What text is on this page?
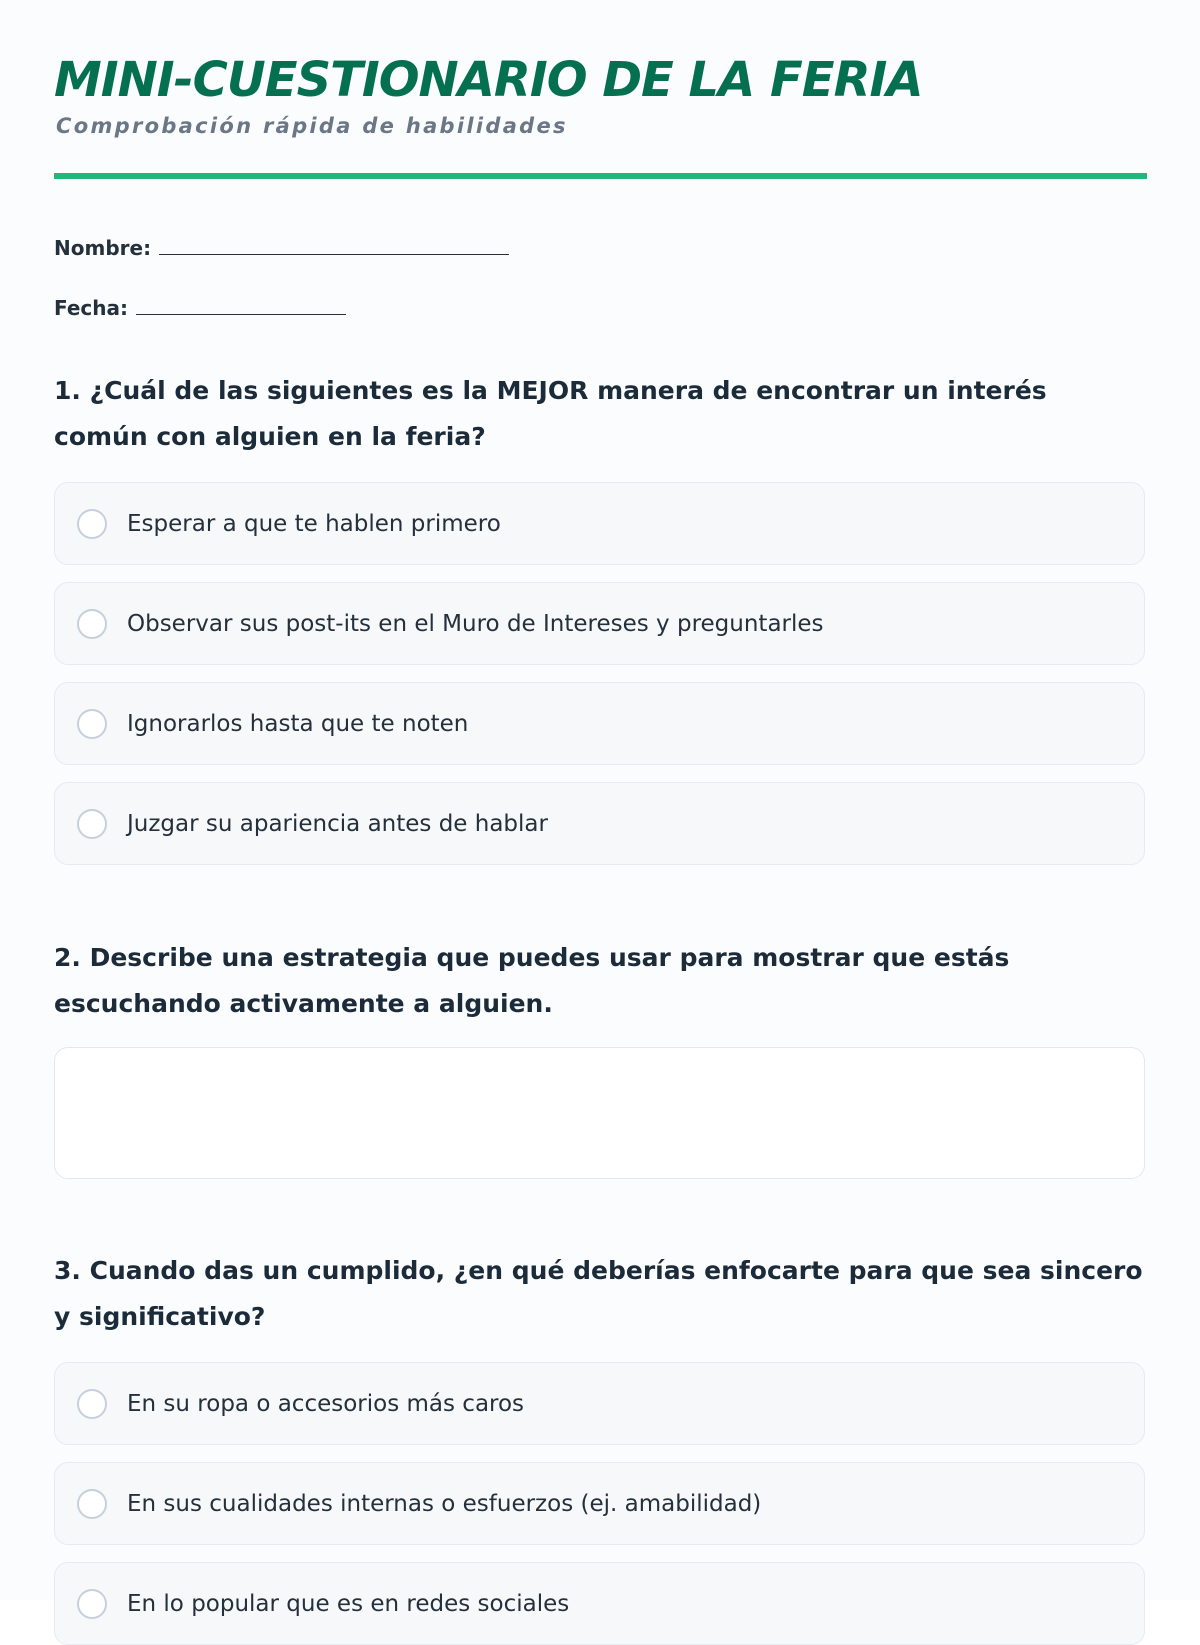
MINI-CUESTIONARIO DE LA FERIA
Comprobación rápida de habilidades
Nombre:
Fecha:

1. ¿Cuál de las siguientes es la MEJOR manera de encontrar un interés común con alguien en la feria?

Esperar a que te hablen primero
Observar sus post-its en el Muro de Intereses y preguntarles
Ignorarlos hasta que te noten
Juzgar su apariencia antes de hablar

2. Describe una estrategia que puedes usar para mostrar que estás escuchando activamente a alguien.

3. Cuando das un cumplido, ¿en qué deberías enfocarte para que sea sincero y significativo?

En su ropa o accesorios más caros
En sus cualidades internas o esfuerzos (ej. amabilidad)
En lo popular que es en redes sociales
